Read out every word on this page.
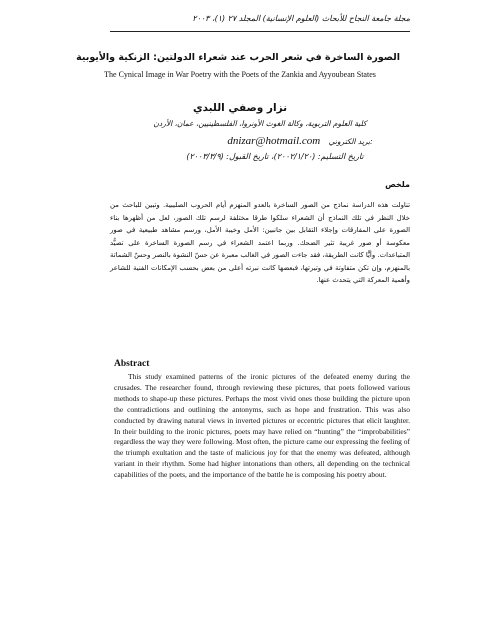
مجلة جامعة النجاح للأبحاث (العلوم الإنسانية) المجلد ٢٧ (١)، ٢٠٠٣
الصورة الساخرة في شعر الحرب عند شعراء الدولتين: الزنكية والأيوبية
The Cynical Image in War Poetry with the Poets of the Zankia and Ayyoubean States
نزار وصفي اللبدي
كلية العلوم التربوية، وكالة الغوث الأونروا، الفلسطينيين، عمان، الأردن
dnizar@hotmail.com بريد الكتروني:
تاريخ التسليم: (٢٠٠٢/١/٢٠)، تاريخ القبول: (٢٠٠٣/٣/٩)
ملخص

تناولت هذه الدراسة نماذج من الصور الساخرة بالعدو المنهزم أيام الحروب الصليبية. وتبين للباحث من خلال النظر في تلك النماذج أن الشعراء سلكوا طرقا مختلفة لرسم تلك الصور، لعل من أظهرها بناء الصورة على المفارقات وإجلاء التقابل بين جانبين: الأمل وخيبة الأمل، ورسم مشاهد طبيعية في صور معكوسة أو صور غريبة تثير الضحك. وربما اعتمد الشعراء في رسم الصورة الساخرة على تصيُّد المتباعدات. وأيًّا كانت الطريقة، فقد جاءت الصور في الغالب معبرة عن حسّ النشوة بالنصر وحسّ الشماتة بالمنهزم، وإن تكن متفاوتة في وتيرتها، فبعضها كانت نبرته أعلى من بعض بحسب الإمكانات الفنية للشاعر وأهمية المعركة التي يتحدث عنها.

Abstract

This study examined patterns of the ironic pictures of the defeated enemy during the crusades. The researcher found, through reviewing these pictures, that poets followed various methods to shape-up these pictures. Perhaps the most vivid ones those building the picture upon the contradictions and outlining the antonyms, such as hope and frustration. This was also conducted by drawing natural views in inverted pictures or eccentric pictures that elicit laughter. In their building to the ironic pictures, poets may have relied on “hunting” the “improbabilities” regardless the way they were following. Most often, the picture came our expressing the feeling of the triumph exultation and the taste of malicious joy for that the enemy was defeated, although variant in their rhythm. Some had higher intonations than others, all depending on the technical capabilities of the poets, and the importance of the battle he is composing his poetry about.
